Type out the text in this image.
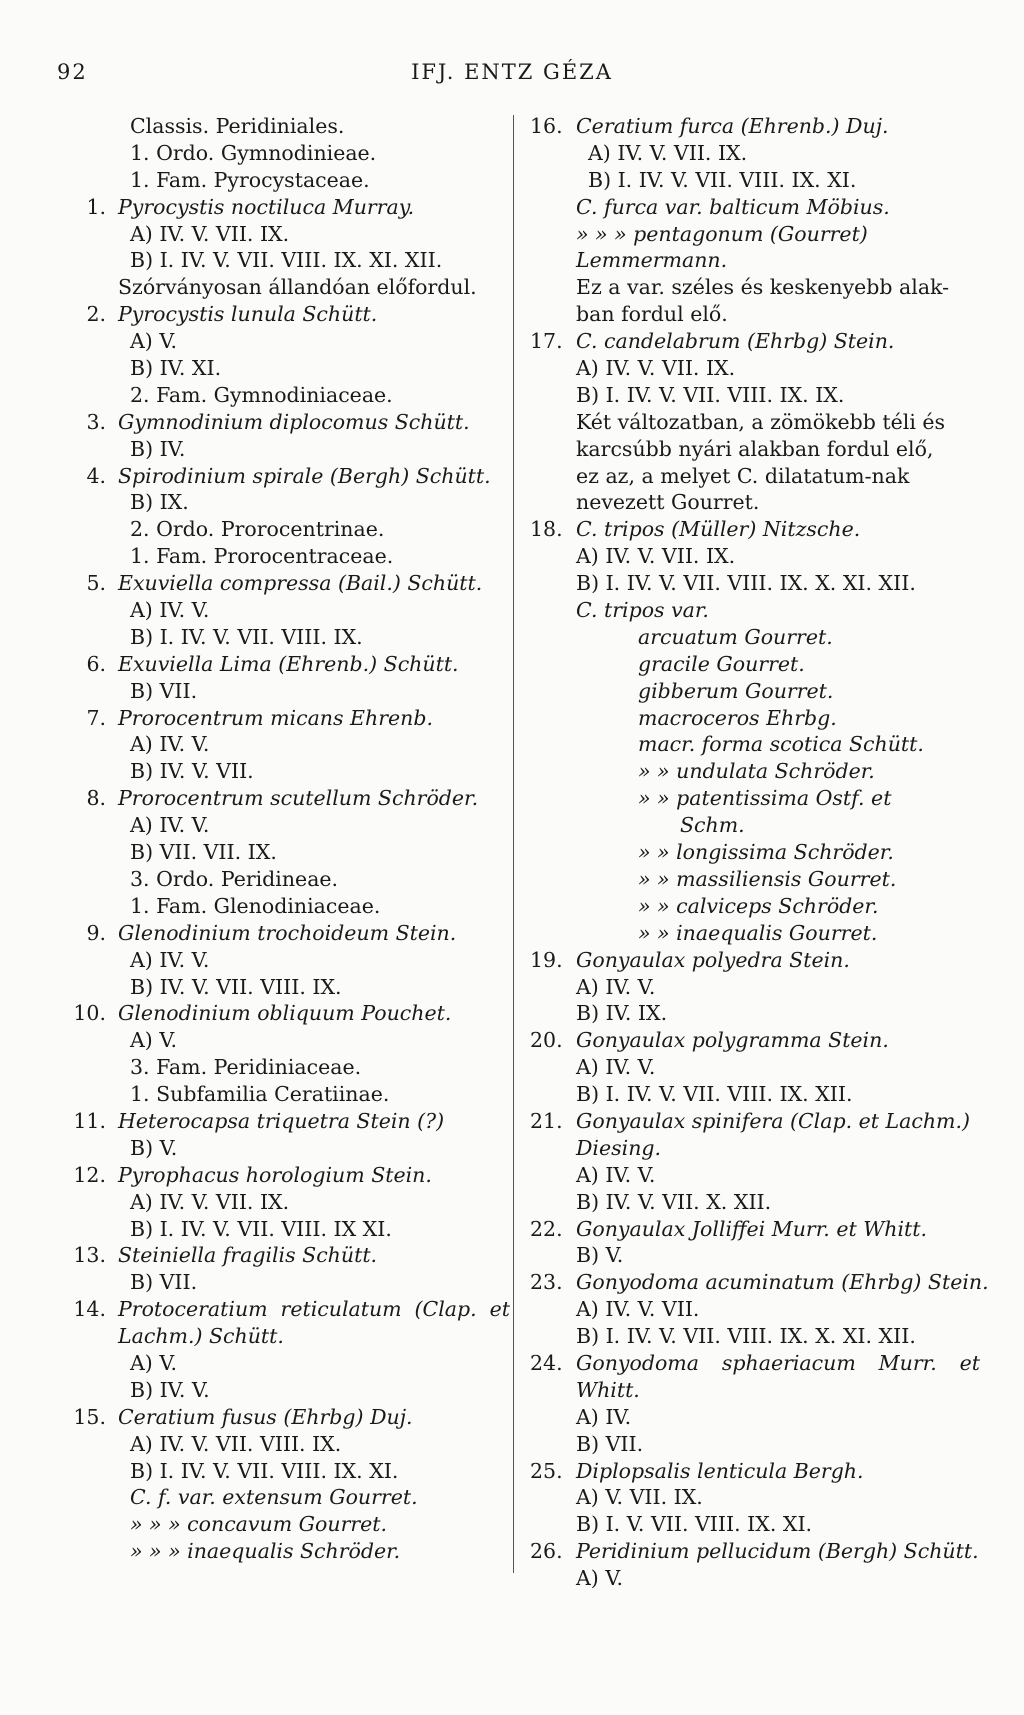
92	IFJ. ENTZ GÉZA
Classis. Peridiniales.
1. Ordo. Gymnodinieae.
1. Fam. Pyrocystaceae.
1. Pyrocystis noctiluca Murray.
A) IV. V. VII. IX.
B) I. IV. V. VII. VIII. IX. XI. XII.
Szórványosan állandóan előfordul.
2. Pyrocystis lunula Schütt.
A) V.
B) IV. XI.
2. Fam. Gymnodiniaceae.
3. Gymnodinium diplocomus Schütt.
B) IV.
4. Spirodinium spirale (Bergh) Schütt.
B) IX.
2. Ordo. Prorocentrinae.
1. Fam. Prorocentraceae.
5. Exuviella compressa (Bail.) Schütt.
A) IV. V.
B) I. IV. V. VII. VIII. IX.
6. Exuviella Lima (Ehrenb.) Schütt.
B) VII.
7. Prorocentrum micans Ehrenb.
A) IV. V.
B) IV. V. VII.
8. Prorocentrum scutellum Schröder.
A) IV. V.
B) VII. VII. IX.
3. Ordo. Peridineae.
1. Fam. Glenodiniaceae.
9. Glenodinium trochoideum Stein.
A) IV. V.
B) IV. V. VII. VIII. IX.
10. Glenodinium obliquum Pouchet.
A) V.
3. Fam. Peridiniaceae.
1. Subfamilia Ceratiinae.
11. Heterocapsa triquetra Stein (?)
B) V.
12. Pyrophacus horologium Stein.
A) IV. V. VII. IX.
B) I. IV. V. VII. VIII. IX XI.
13. Steiniella fragilis Schütt.
B) VII.
14. Protoceratium reticulatum (Clap. et
Lachm.) Schütt.
A) V.
B) IV. V.
15. Ceratium fusus (Ehrbg) Duj.
A) IV. V. VII. VIII. IX.
B) I. IV. V. VII. VIII. IX. XI.
C. f. var. extensum Gourret.
» » » concavum Gourret.
» » » inaequalis Schröder.
16. Ceratium furca (Ehrenb.) Duj.
A) IV. V. VII. IX.
B) I. IV. V. VII. VIII. IX. XI.
C. furca var. balticum Möbius.
» » » pentagonum (Gourret)
Lemmermann.
Ez a var. széles és keskenyebb alak-
ban fordul elő.
17. C. candelabrum (Ehrbg) Stein.
A) IV. V. VII. IX.
B) I. IV. V. VII. VIII. IX. IX.
Két változatban, a zömökebb téli és
karcsúbb nyári alakban fordul elő,
ez az, a melyet C. dilatatum-nak
nevezett Gourret.
18. C. tripos (Müller) Nitzsche.
A) IV. V. VII. IX.
B) I. IV. V. VII. VIII. IX. X. XI. XII.
C. tripos var.
arcuatum Gourret.
gracile Gourret.
gibberum Gourret.
macroceros Ehrbg.
macr. forma scotica Schütt.
» » undulata Schröder.
» » patentissima Ostf. et
Schm.
» » longissima Schröder.
» » massiliensis Gourret.
» » calviceps Schröder.
» » inaequalis Gourret.
19. Gonyaulax polyedra Stein.
A) IV. V.
B) IV. IX.
20. Gonyaulax polygramma Stein.
A) IV. V.
B) I. IV. V. VII. VIII. IX. XII.
21. Gonyaulax spinifera (Clap. et Lachm.)
Diesing.
A) IV. V.
B) IV. V. VII. X. XII.
22. Gonyaulax Jolliffei Murr. et Whitt.
B) V.
23. Gonyodoma acuminatum (Ehrbg) Stein.
A) IV. V. VII.
B) I. IV. V. VII. VIII. IX. X. XI. XII.
24. Gonyodoma sphaeriacum Murr. et
Whitt.
A) IV.
B) VII.
25. Diplopsalis lenticula Bergh.
A) V. VII. IX.
B) I. V. VII. VIII. IX. XI.
26. Peridinium pellucidum (Bergh) Schütt.
A) V.
